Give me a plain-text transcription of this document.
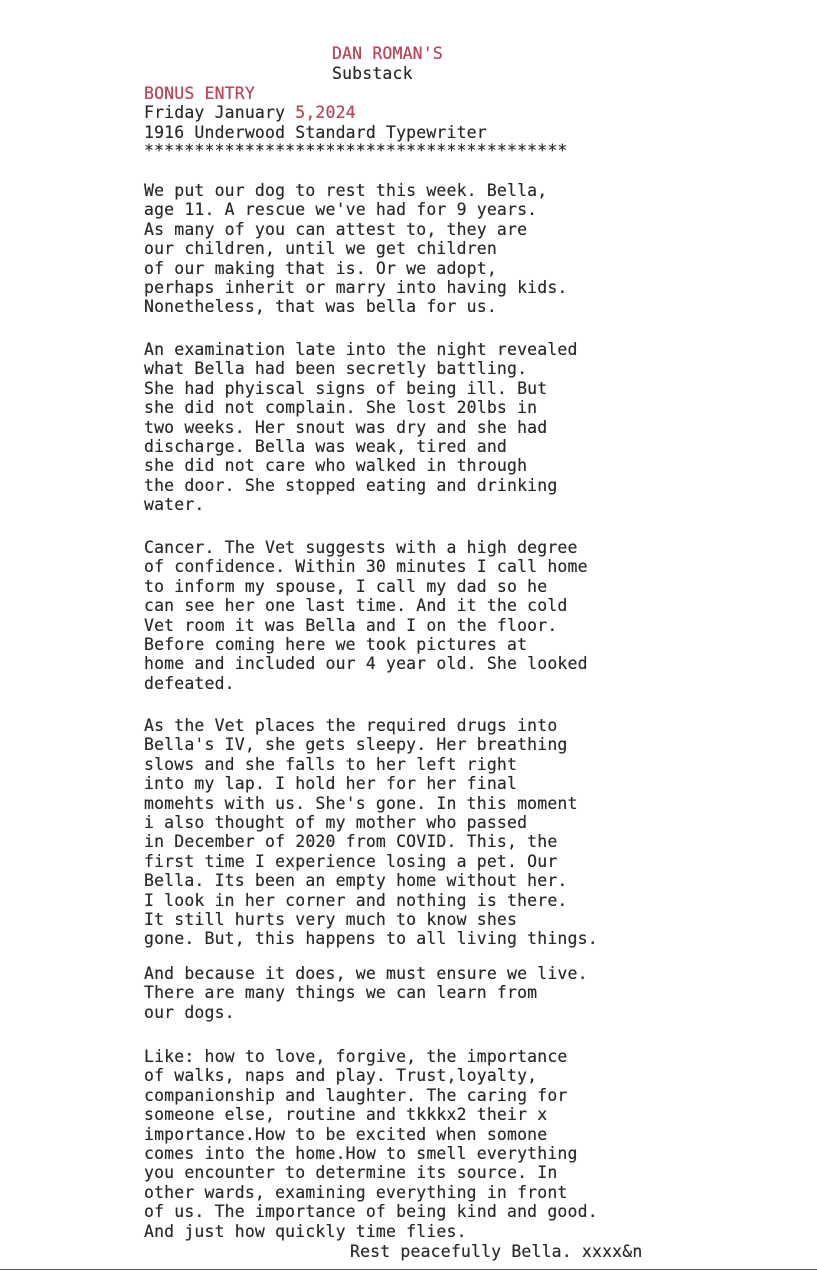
DAN ROMAN'S
Substack
BONUS ENTRY
Friday January 5,2024
1916 Underwood Standard Typewriter
******************************************
We put our dog to rest this week. Bella,
age 11. A rescue we've had for 9 years.
As many of you can attest to, they are
our children, until we get children
of our making that is. Or we adopt,
perhaps inherit or marry into having kids.
Nonetheless, that was bella for us.
An examination late into the night revealed
what Bella had been secretly battling.
She had phyiscal signs of being ill. But
she did not complain. She lost 20lbs in
two weeks. Her snout was dry and she had
discharge. Bella was weak, tired and
she did not care who walked in through
the door. She stopped eating and drinking
water.
Cancer. The Vet suggests with a high degree
of confidence. Within 30 minutes I call home
to inform my spouse, I call my dad so he
can see her one last time. And it the cold
Vet room it was Bella and I on the floor.
Before coming here we took pictures at
home and included our 4 year old. She looked
defeated.
As the Vet places the required drugs into
Bella's IV, she gets sleepy. Her breathing
slows and she falls to her left right
into my lap. I hold her for her final
momehts with us. She's gone. In this moment
i also thought of my mother who passed
in December of 2020 from COVID. This, the
first time I experience losing a pet. Our
Bella. Its been an empty home without her.
I look in her corner and nothing is there.
It still hurts very much to know shes
gone. But, this happens to all living things.
And because it does, we must ensure we live.
There are many things we can learn from
our dogs.
Like: how to love, forgive, the importance
of walks, naps and play. Trust,loyalty,
companionship and laughter. The caring for
someone else, routine and tkkkx2 their x
importance.How to be excited when somone
comes into the home.How to smell everything
you encounter to determine its source. In
other wards, examining everything in front
of us. The importance of being kind and good.
And just how quickly time flies.
Rest peacefully Bella. xxxx&n
